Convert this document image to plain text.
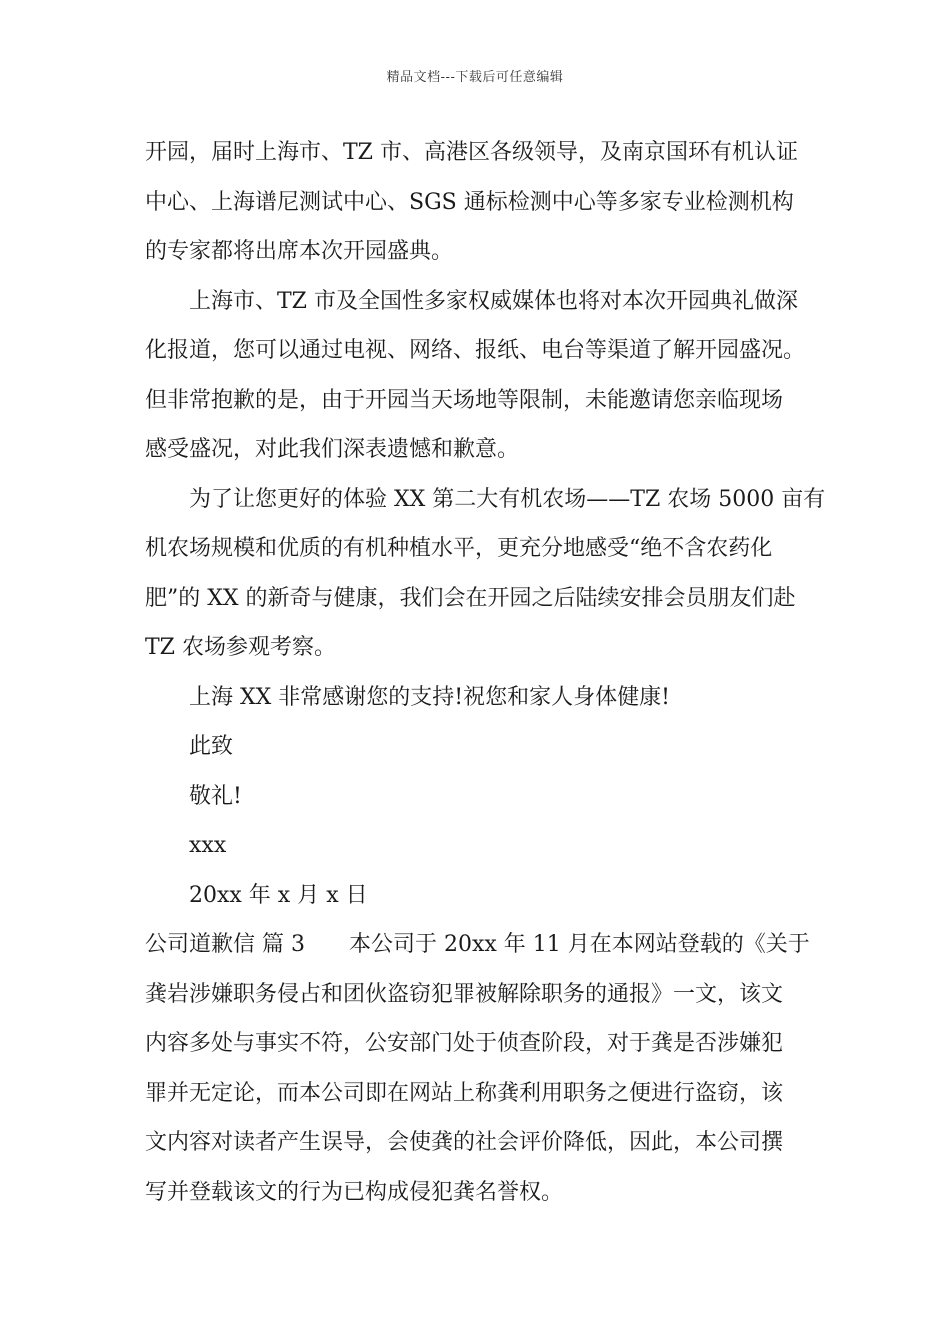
精品文档---下载后可任意编辑
开园，届时上海市、TZ 市、高港区各级领导，及南京国环有机认证
中心、上海谱尼测试中心、SGS 通标检测中心等多家专业检测机构
的专家都将出席本次开园盛典。
上海市、TZ 市及全国性多家权威媒体也将对本次开园典礼做深
化报道，您可以通过电视、网络、报纸、电台等渠道了解开园盛况。
但非常抱歉的是，由于开园当天场地等限制，未能邀请您亲临现场
感受盛况，对此我们深表遗憾和歉意。
为了让您更好的体验 XX 第二大有机农场——TZ 农场 5000 亩有
机农场规模和优质的有机种植水平，更充分地感受“绝不含农药化
肥”的 XX 的新奇与健康，我们会在开园之后陆续安排会员朋友们赴
TZ 农场参观考察。
上海 XX 非常感谢您的支持!祝您和家人身体健康!
此致
敬礼!
xxx
20xx 年 x 月 x 日
公司道歉信 篇 3 本公司于 20xx 年 11 月在本网站登载的《关于
龚岩涉嫌职务侵占和团伙盗窃犯罪被解除职务的通报》一文，该文
内容多处与事实不符，公安部门处于侦查阶段，对于龚是否涉嫌犯
罪并无定论，而本公司即在网站上称龚利用职务之便进行盗窃，该
文内容对读者产生误导，会使龚的社会评价降低，因此，本公司撰
写并登载该文的行为已构成侵犯龚名誉权。
